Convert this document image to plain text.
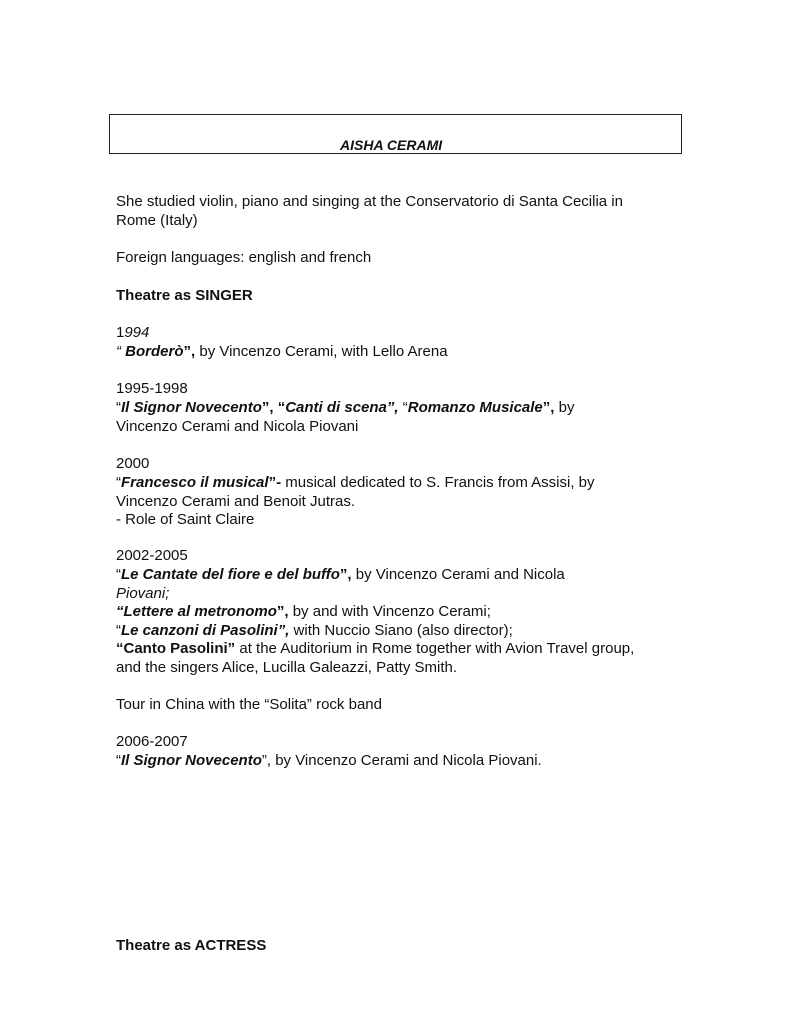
AISHA CERAMI
She studied violin, piano and singing at the Conservatorio di Santa Cecilia in
Rome (Italy)
Foreign languages: english and french
Theatre as SINGER
1994
“ Borderò”, by Vincenzo Cerami, with Lello Arena
1995-1998
“Il Signor Novecento”, “Canti di scena”, “Romanzo Musicale”, by
Vincenzo Cerami and Nicola Piovani
2000
“Francesco il musical”- musical dedicated to S. Francis from Assisi, by
Vincenzo Cerami and Benoit Jutras.
- Role of Saint Claire
2002-2005
“Le Cantate del fiore e del buffo”, by Vincenzo Cerami and Nicola
Piovani;
“Lettere al metronomo”, by and with Vincenzo Cerami;
“Le canzoni di Pasolini”, with Nuccio Siano (also director);
“Canto Pasolini” at the Auditorium in Rome together with Avion Travel group,
and the singers Alice, Lucilla Galeazzi, Patty Smith.
Tour in China with the “Solita” rock band
2006-2007
“Il Signor Novecento”, by Vincenzo Cerami and Nicola Piovani.
Theatre as ACTRESS
